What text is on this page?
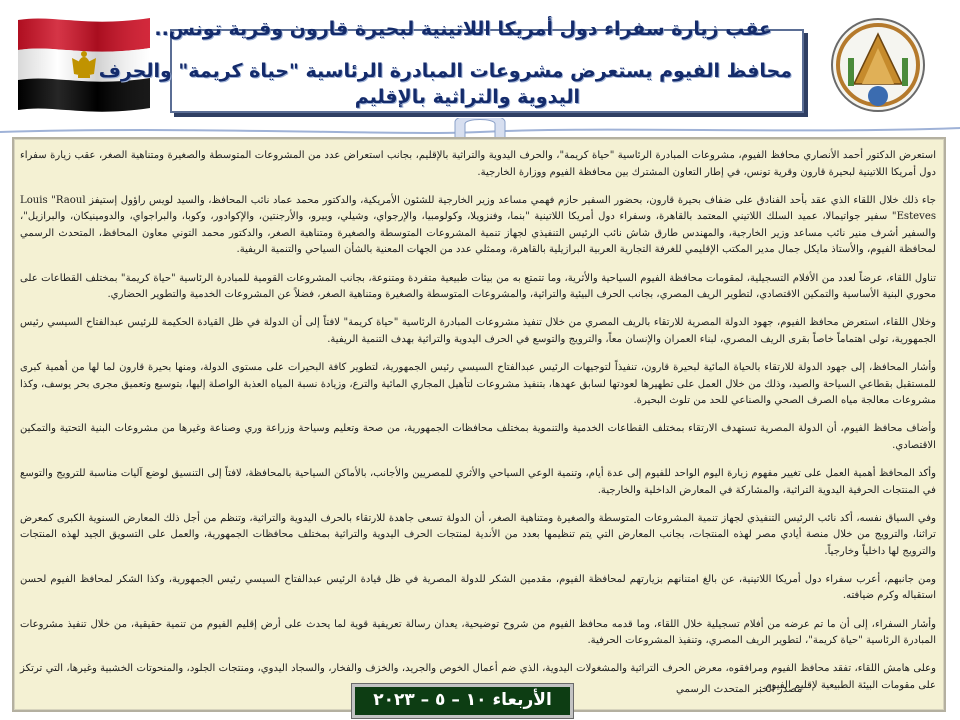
عقب زيارة سفراء دول أمريكا اللاتينية لبحيرة قارون وقرية تونس..
محافظ الفيوم يستعرض مشروعات المبادرة الرئاسية "حياة كريمة" والحرف
اليدوية والتراثية بالإقليم

استعرض الدكتور أحمد الأنصاري محافظ الفيوم، مشروعات المبادرة الرئاسية "حياة كريمة"، والحرف اليدوية والتراثية بالإقليم، بجانب استعراض عدد من المشروعات المتوسطة والصغيرة ومتناهية الصغر، عقب زيارة سفراء دول أمريكا اللاتينية لبحيرة قارون وقرية تونس، في إطار التعاون المشترك بين محافظة الفيوم ووزارة الخارجية.

جاء ذلك خلال اللقاء الذي عقد بأحد الفنادق على ضفاف بحيرة قارون، بحضور السفير حازم فهمي مساعد وزير الخارجية للشئون الأمريكية، والدكتور محمد عماد نائب المحافظ، والسيد لويس راؤول إستيفز Louis "Raoul Esteves" سفير جواتيمالا، عميد السلك اللاتيني المعتمد بالقاهرة، وسفراء دول أمريكا اللاتينية "بنما، وفنزويلا، وكولومبيا، والإرجواي، وشيلي، وبيرو، والأرجنتين، والإكوادور، وكوبا، والبراجواي، والدومينيكان، والبرازيل"، والسفير أشرف منير نائب مساعد وزير الخارجية، والمهندس طارق شاش نائب الرئيس التنفيذي لجهاز تنمية المشروعات المتوسطة والصغيرة ومتناهية الصغر، والدكتور محمد التوني معاون المحافظ، المتحدث الرسمي لمحافظة الفيوم، والأستاذ مايكل جمال مدير المكتب الإقليمي للغرفة التجارية العربية البرازيلية بالقاهرة، وممثلي عدد من الجهات المعنية بالشأن السياحي والتنمية الريفية.

تناول اللقاء، عرضاً لعدد من الأفلام التسجيلية، لمقومات محافظة الفيوم السياحية والأثرية، وما تتمتع به من بيئات طبيعية متفردة ومتنوعة، بجانب المشروعات القومية للمبادرة الرئاسية "حياة كريمة" بمختلف القطاعات على محوري البنية الأساسية والتمكين الاقتصادي، لتطوير الريف المصري، بجانب الحرف البيئية والتراثية، والمشروعات المتوسطة والصغيرة ومتناهية الصغر، فضلاً عن المشروعات الخدمية والتطوير الحضاري.

وخلال اللقاء، استعرض محافظ الفيوم، جهود الدولة المصرية للارتقاء بالريف المصري من خلال تنفيذ مشروعات المبادرة الرئاسية "حياة كريمة" لافتاً إلى أن الدولة في ظل القيادة الحكيمة للرئيس عبدالفتاح السيسي رئيس الجمهورية، تولى اهتماماً خاصاً بقرى الريف المصري، لبناء العمران والإنسان معاً، والترويج والتوسع في الحرف اليدوية والتراثية بهدف التنمية الريفية.

وأشار المحافظ، إلى جهود الدولة للارتقاء بالحياة المائية لبحيرة قارون، تنفيذاً لتوجيهات الرئيس عبدالفتاح السيسي رئيس الجمهورية، لتطوير كافة البحيرات على مستوى الدولة، ومنها بحيرة قارون لما لها من أهمية كبرى للمستقبل بقطاعي السياحة والصيد، وذلك من خلال العمل على تطهيرها لعودتها لسابق عهدها، بتنفيذ مشروعات لتأهيل المجاري المائية والترع، وزيادة نسبة المياه العذبة الواصلة إليها، بتوسيع وتعميق مجرى بحر يوسف، وكذا مشروعات معالجة مياه الصرف الصحي والصناعي للحد من تلوث البحيرة.

وأضاف محافظ الفيوم، أن الدولة المصرية تستهدف الارتقاء بمختلف القطاعات الخدمية والتنموية بمختلف محافظات الجمهورية، من صحة وتعليم وسياحة وزراعة وري وصناعة وغيرها من مشروعات البنية التحتية والتمكين الاقتصادي.

وأكد المحافظ أهمية العمل على تغيير مفهوم زيارة اليوم الواحد للفيوم إلى عدة أيام، وتنمية الوعي السياحي والأثري للمصريين والأجانب، بالأماكن السياحية بالمحافظة، لافتاً إلى التنسيق لوضع آليات مناسبة للترويج والتوسع في المنتجات الحرفية اليدوية التراثية، والمشاركة في المعارض الداخلية والخارجية.

وفي السياق نفسه، أكد نائب الرئيس التنفيذي لجهاز تنمية المشروعات المتوسطة والصغيرة ومتناهية الصغر، أن الدولة تسعى جاهدة للارتقاء بالحرف اليدوية والتراثية، وتنظم من أجل ذلك المعارض السنوية الكبرى كمعرض تراثنا، والترويج من خلال منصة أيادي مصر لهذه المنتجات، بجانب المعارض التي يتم تنظيمها بعدد من الأندية لمنتجات الحرف اليدوية والتراثية بمختلف محافظات الجمهورية، والعمل على التسويق الجيد لهذه المنتجات والترويج لها داخلياً وخارجياً.

ومن جانبهم، أعرب سفراء دول أمريكا اللاتينية، عن بالغ امتنانهم بزيارتهم لمحافظة الفيوم، مقدمين الشكر للدولة المصرية في ظل قيادة الرئيس عبدالفتاح السيسي رئيس الجمهورية، وكذا الشكر لمحافظ الفيوم لحسن استقباله وكرم ضيافته.

وأشار السفراء، إلى أن ما تم عرضه من أفلام تسجيلية خلال اللقاء، وما قدمه محافظ الفيوم من شروح توضيحية، يعدان رسالة تعريفية قوية لما يحدث على أرض إقليم الفيوم من تنمية حقيقية، من خلال تنفيذ مشروعات المبادرة الرئاسية "حياة كريمة"، لتطوير الريف المصري، وتنفيذ المشروعات الحرفية.

وعلى هامش اللقاء، تفقد محافظ الفيوم ومرافقوه، معرض الحرف التراثية والمشغولات اليدوية، الذي ضم أعمال الخوص والجريد، والخزف والفخار، والسجاد اليدوي، ومنتجات الجلود، والمنحوتات الخشبية وغيرها، التي ترتكز على مقومات البيئة الطبيعية لإقليم الفيوم .

مصدر الخبر المتحدث الرسمي
الأربعاء ١٠ – ٥ – ٢٠٢٣
